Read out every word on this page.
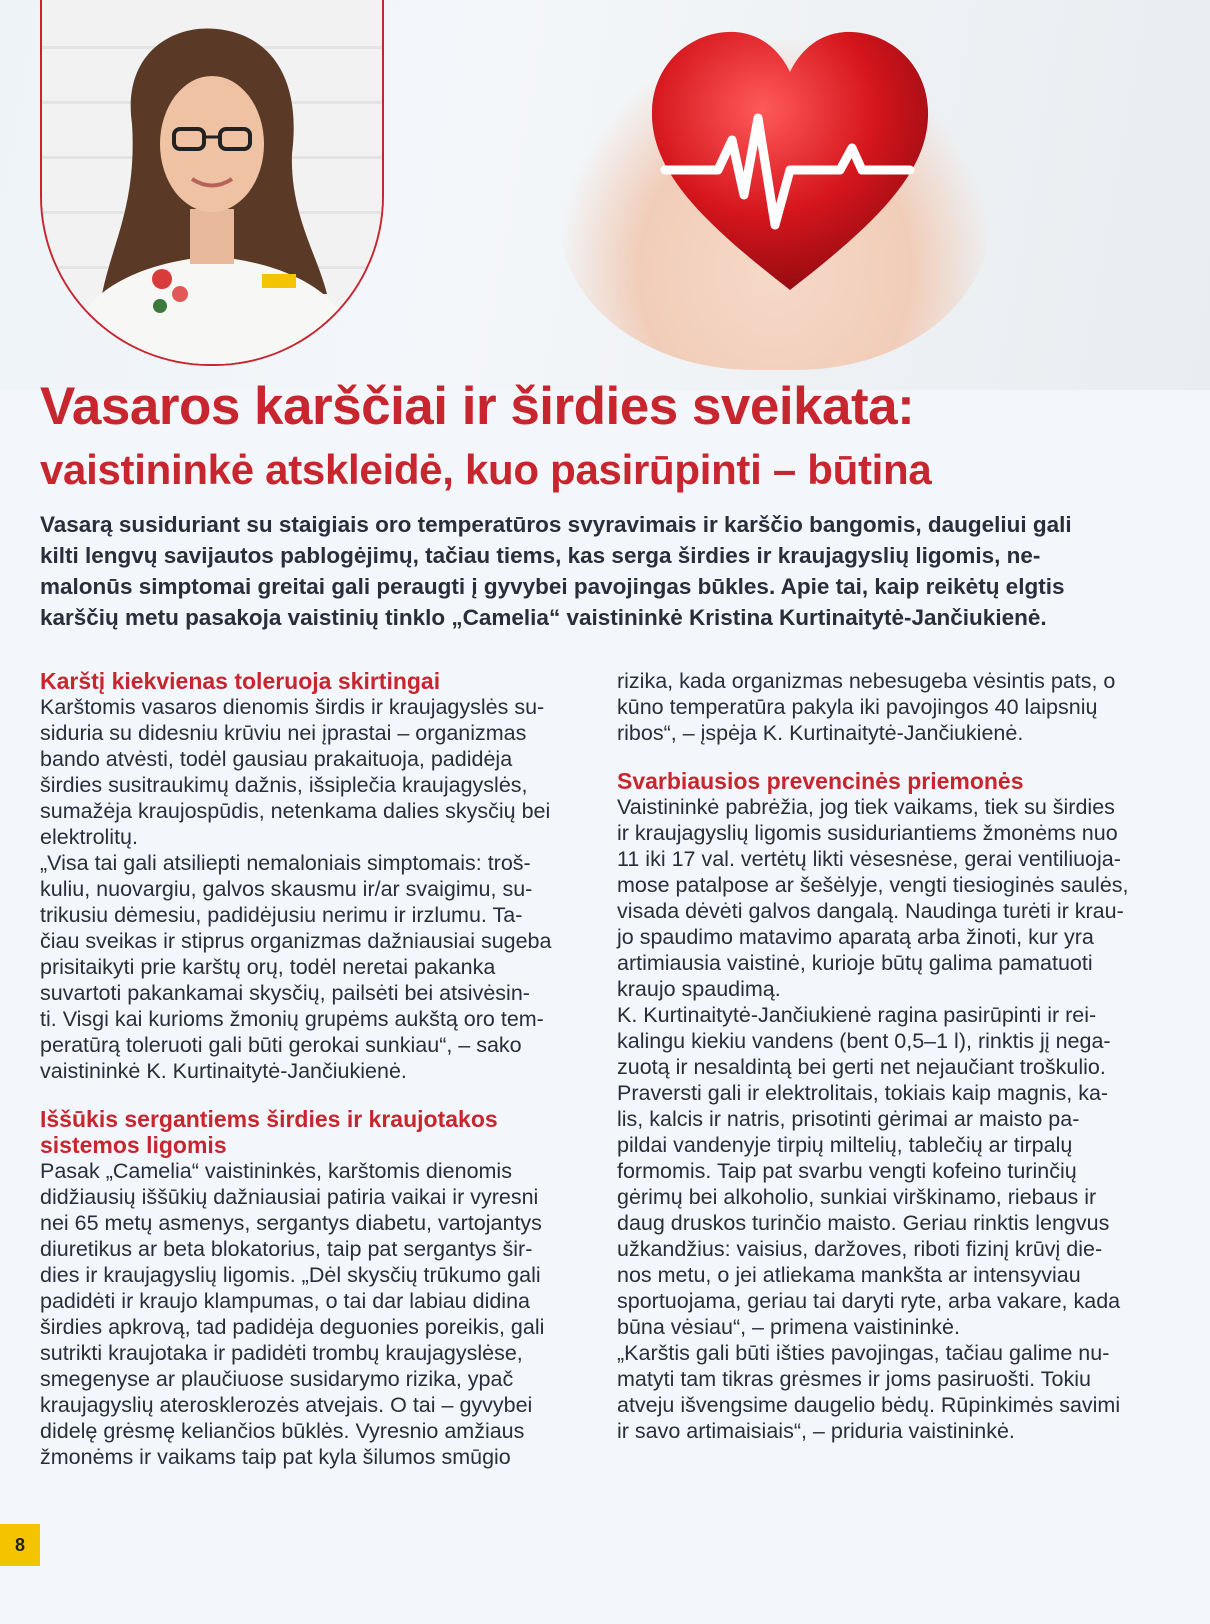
Vasaros karščiai ir širdies sveikata:
vaistininkė atskleidė, kuo pasirūpinti – būtina

Vasarą susiduriant su staigiais oro temperatūros svyravimais ir karščio bangomis, daugeliui gali
kilti lengvų savijautos pablogėjimų, tačiau tiems, kas serga širdies ir kraujagyslių ligomis, ne-
malonūs simptomai greitai gali peraugti į gyvybei pavojingas būkles. Apie tai, kaip reikėtų elgtis
karščių metu pasakoja vaistinių tinklo „Camelia“ vaistininkė Kristina Kurtinaitytė-Jančiukienė.

Karštį kiekvienas toleruoja skirtingai

Karštomis vasaros dienomis širdis ir kraujagyslės su-
siduria su didesniu krūviu nei įprastai – organizmas
bando atvėsti, todėl gausiau prakaituoja, padidėja
širdies susitraukimų dažnis, išsiplečia kraujagyslės,
sumažėja kraujospūdis, netenkama dalies skysčių bei
elektrolitų.

„Visa tai gali atsiliepti nemaloniais simptomais: troš-
kuliu, nuovargiu, galvos skausmu ir/ar svaigimu, su-
trikusiu dėmesiu, padidėjusiu nerimu ir irzlumu. Ta-
čiau sveikas ir stiprus organizmas dažniausiai sugeba
prisitaikyti prie karštų orų, todėl neretai pakanka
suvartoti pakankamai skysčių, pailsėti bei atsivėsin-
ti. Visgi kai kurioms žmonių grupėms aukštą oro tem-
peratūrą toleruoti gali būti gerokai sunkiau“, – sako
vaistininkė K. Kurtinaitytė-Jančiukienė.

Iššūkis sergantiems širdies ir kraujotakos
sistemos ligomis

Pasak „Camelia“ vaistininkės, karštomis dienomis
didžiausių iššūkių dažniausiai patiria vaikai ir vyresni
nei 65 metų asmenys, sergantys diabetu, vartojantys
diuretikus ar beta blokatorius, taip pat sergantys šir-
dies ir kraujagyslių ligomis. „Dėl skysčių trūkumo gali
padidėti ir kraujo klampumas, o tai dar labiau didina
širdies apkrovą, tad padidėja deguonies poreikis, gali
sutrikti kraujotaka ir padidėti trombų kraujagyslėse,
smegenyse ar plaučiuose susidarymo rizika, ypač
kraujagyslių aterosklerozės atvejais. O tai – gyvybei
didelę grėsmę keliančios būklės. Vyresnio amžiaus
žmonėms ir vaikams taip pat kyla šilumos smūgio

rizika, kada organizmas nebesugeba vėsintis pats, o
kūno temperatūra pakyla iki pavojingos 40 laipsnių
ribos“, – įspėja K. Kurtinaitytė-Jančiukienė.

Svarbiausios prevencinės priemonės

Vaistininkė pabrėžia, jog tiek vaikams, tiek su širdies
ir kraujagyslių ligomis susiduriantiems žmonėms nuo
11 iki 17 val. vertėtų likti vėsesnėse, gerai ventiliuoja-
mose patalpose ar šešėlyje, vengti tiesioginės saulės,
visada dėvėti galvos dangalą. Naudinga turėti ir krau-
jo spaudimo matavimo aparatą arba žinoti, kur yra
artimiausia vaistinė, kurioje būtų galima pamatuoti
kraujo spaudimą.

K. Kurtinaitytė-Jančiukienė ragina pasirūpinti ir rei-
kalingu kiekiu vandens (bent 0,5–1 l), rinktis jį nega-
zuotą ir nesaldintą bei gerti net nejaučiant troškulio.
Praversti gali ir elektrolitais, tokiais kaip magnis, ka-
lis, kalcis ir natris, prisotinti gėrimai ar maisto pa-
pildai vandenyje tirpių miltelių, tablečių ar tirpalų
formomis. Taip pat svarbu vengti kofeino turinčių
gėrimų bei alkoholio, sunkiai virškinamo, riebaus ir
daug druskos turinčio maisto. Geriau rinktis lengvus
užkandžius: vaisius, daržoves, riboti fizinį krūvį die-
nos metu, o jei atliekama mankšta ar intensyviau
sportuojama, geriau tai daryti ryte, arba vakare, kada
būna vėsiau“, – primena vaistininkė.

„Karštis gali būti išties pavojingas, tačiau galime nu-
matyti tam tikras grėsmes ir joms pasiruošti. Tokiu
atveju išvengsime daugelio bėdų. Rūpinkimės savimi
ir savo artimaisiais“, – priduria vaistininkė.

8
